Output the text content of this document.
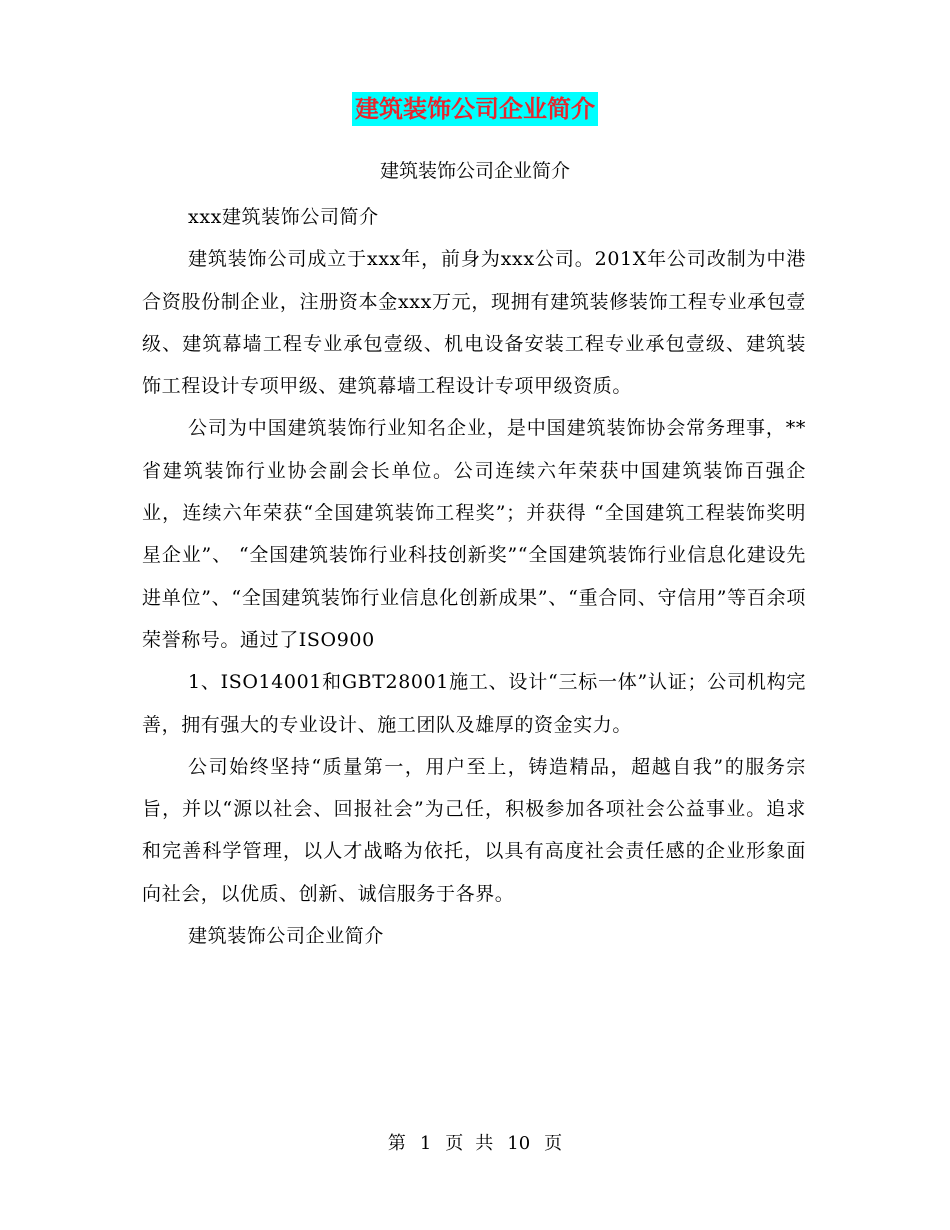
建筑装饰公司企业简介
建筑装饰公司企业简介

xxx建筑装饰公司简介

建筑装饰公司成立于xxx年，前身为xxx公司。201X年公司改制为中港合资股份制企业，注册资本金xxx万元，现拥有建筑装修装饰工程专业承包壹级、建筑幕墙工程专业承包壹级、机电设备安装工程专业承包壹级、建筑装饰工程设计专项甲级、建筑幕墙工程设计专项甲级资质。

公司为中国建筑装饰行业知名企业，是中国建筑装饰协会常务理事，**省建筑装饰行业协会副会长单位。公司连续六年荣获中国建筑装饰百强企业，连续六年荣获“全国建筑装饰工程奖”；并获得 “全国建筑工程装饰奖明星企业”、 “全国建筑装饰行业科技创新奖”“全国建筑装饰行业信息化建设先进单位”、“全国建筑装饰行业信息化创新成果”、“重合同、守信用”等百余项荣誉称号。通过了ISO900

1、ISO14001和GBT28001施工、设计“三标一体”认证；公司机构完善，拥有强大的专业设计、施工团队及雄厚的资金实力。

公司始终坚持“质量第一，用户至上，铸造精品，超越自我”的服务宗旨，并以“源以社会、回报社会”为己任，积极参加各项社会公益事业。追求和完善科学管理，以人才战略为依托，以具有高度社会责任感的企业形象面向社会，以优质、创新、诚信服务于各界。

建筑装饰公司企业简介

第 1 页 共 10 页
